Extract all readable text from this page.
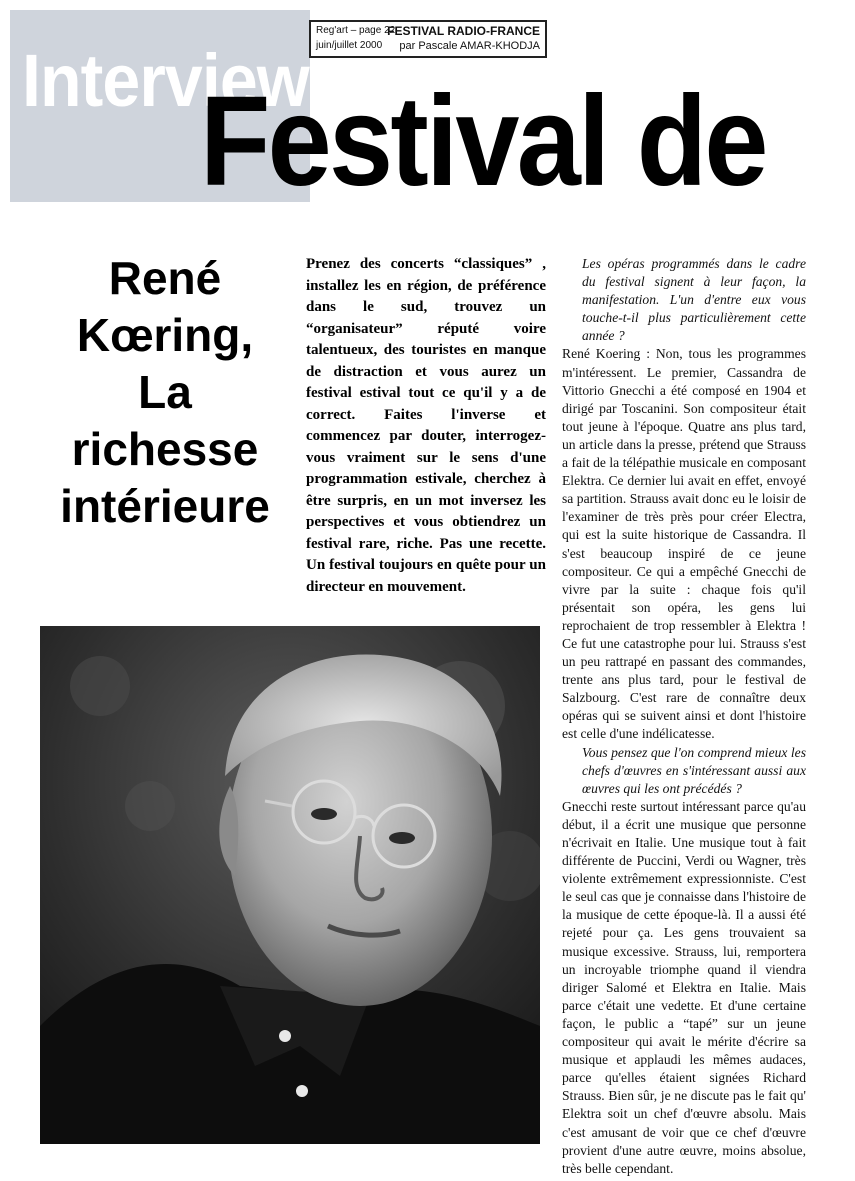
Interview
Reg'art – page 22
juin/juillet 2000
FESTIVAL RADIO-FRANCE
par Pascale AMAR-KHODJA
Festival de
René
Kœring,
La
richesse
intérieure
Prenez des concerts “classiques” , installez les en région, de préférence dans le sud, trouvez un “organisateur” réputé voire talentueux, des touristes en manque de distraction et vous aurez un festival estival tout ce qu'il y a de correct. Faites l'inverse et commencez par douter, interrogez-vous vraiment sur le sens d'une programmation estivale, cherchez à être surpris, en un mot inversez les perspectives et vous obtiendrez un festival rare, riche. Pas une recette. Un festival toujours en quête pour un directeur en mouvement.

Les opéras programmés dans le cadre du festival signent à leur façon, la manifestation. L'un d'entre eux vous touche-t-il plus particulièrement cette année ?

René Koering : Non, tous les programmes m'intéressent. Le premier, Cassandra de Vittorio Gnecchi a été composé en 1904 et dirigé par Toscanini. Son compositeur était tout jeune à l'époque. Quatre ans plus tard, un article dans la presse, prétend que Strauss a fait de la télépathie musicale en composant Elektra. Ce dernier lui avait en effet, envoyé sa partition. Strauss avait donc eu le loisir de l'examiner de très près pour créer Electra, qui est la suite historique de Cassandra. Il s'est beaucoup inspiré de ce jeune compositeur. Ce qui a empêché Gnecchi de vivre par la suite : chaque fois qu'il présentait son opéra, les gens lui reprochaient de trop ressembler à Elektra ! Ce fut une catastrophe pour lui. Strauss s'est un peu rattrapé en passant des commandes, trente ans plus tard, pour le festival de Salzbourg. C'est rare de connaître deux opéras qui se suivent ainsi et dont l'histoire est celle d'une indélicatesse.

Vous pensez que l'on comprend mieux les chefs d'œuvres en s'intéressant aussi aux œuvres qui les ont précédés ?

Gnecchi reste surtout intéressant parce qu'au début, il a écrit une musique que personne n'écrivait en Italie. Une musique tout à fait différente de Puccini, Verdi ou Wagner, très violente extrêmement expressionniste. C'est le seul cas que je connaisse dans l'histoire de la musique de cette époque-là. Il a aussi été rejeté pour ça. Les gens trouvaient sa musique excessive. Strauss, lui, remportera un incroyable triomphe quand il viendra diriger Salomé et Elektra en Italie. Mais parce c'était une vedette. Et d'une certaine façon, le public a “tapé” sur un jeune compositeur qui avait le mérite d'écrire sa musique et applaudi les mêmes audaces, parce qu'elles étaient signées Richard Strauss. Bien sûr, je ne discute pas le fait qu' Elektra soit un chef d'œuvre absolu. Mais c'est amusant de voir que ce chef d'œuvre provient d'une autre œuvre, moins absolue, très belle cependant.
